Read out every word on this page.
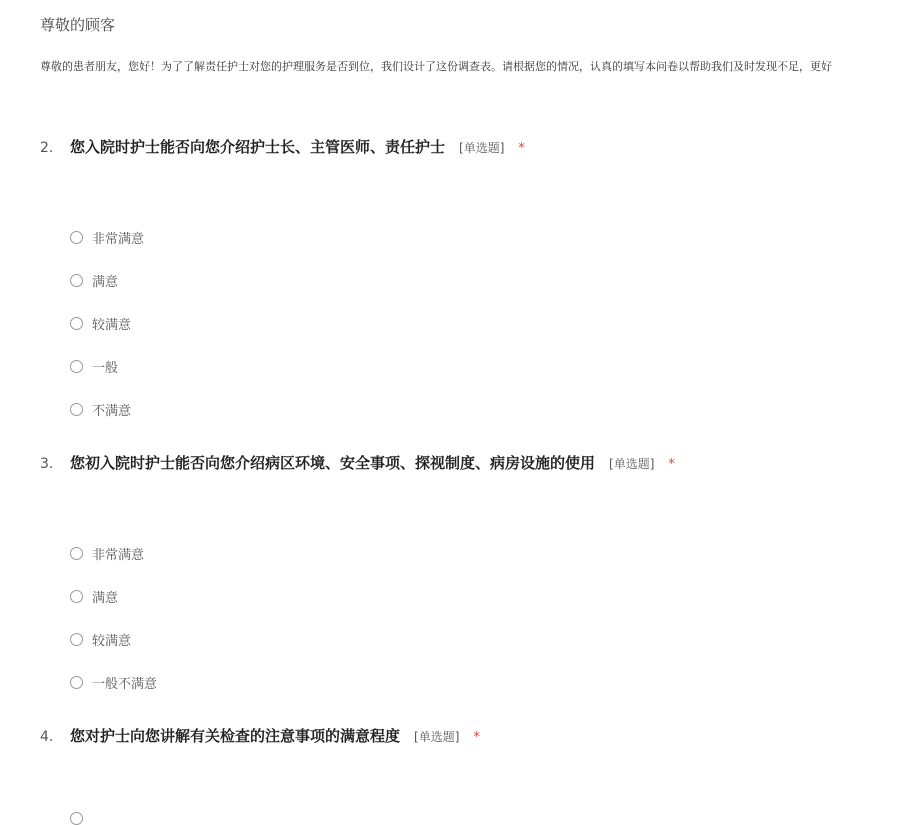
尊敬的顾客
尊敬的患者朋友，您好！为了了解责任护士对您的护理服务是否到位，我们设计了这份调查表。请根据您的情况，认真的填写本问卷以帮助我们及时发现不足，更好
2.	您入院时护士能否向您介绍护士长、主管医师、责任护士 [单选题] *
非常满意
满意
较满意
一般
不满意
3.	您初入院时护士能否向您介绍病区环境、安全事项、探视制度、病房设施的使用 [单选题] *
非常满意
满意
较满意
一般不满意
4.	您对护士向您讲解有关检查的注意事项的满意程度 [单选题] *
